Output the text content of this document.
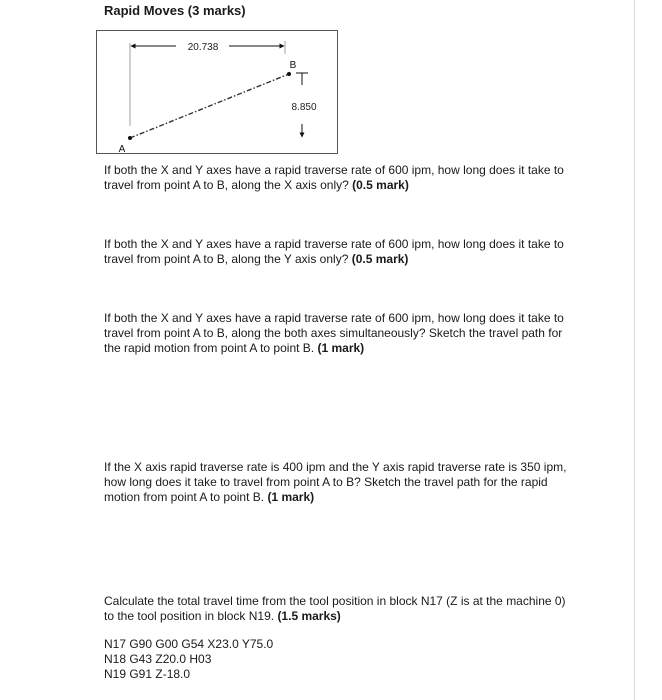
Rapid Moves (3 marks)
20.738
B
8.850
A

If both the X and Y axes have a rapid traverse rate of 600 ipm, how long does it take to travel from point A to B, along the X axis only? (0.5 mark)

If both the X and Y axes have a rapid traverse rate of 600 ipm, how long does it take to travel from point A to B, along the Y axis only? (0.5 mark)

If both the X and Y axes have a rapid traverse rate of 600 ipm, how long does it take to travel from point A to B, along the both axes simultaneously? Sketch the travel path for the rapid motion from point A to point B. (1 mark)

If the X axis rapid traverse rate is 400 ipm and the Y axis rapid traverse rate is 350 ipm, how long does it take to travel from point A to B? Sketch the travel path for the rapid motion from point A to point B. (1 mark)

Calculate the total travel time from the tool position in block N17 (Z is at the machine 0) to the tool position in block N19. (1.5 marks)

N17 G90 G00 G54 X23.0 Y75.0
N18 G43 Z20.0 H03
N19 G91 Z-18.0
